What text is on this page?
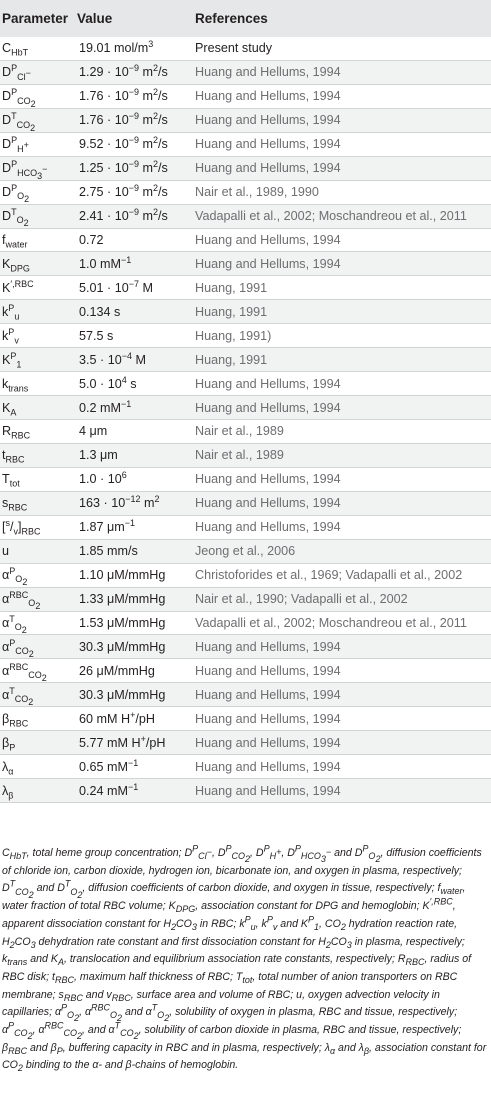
Parameter	Value	References
$C_{HbT}$	19.01 mol/$m^3$	Present study
$D^P_{Cl^-}$	$1.29 \cdot 10^{-9}$ $m^2/s$	Huang and Hellums, 1994
$D^P_{CO_2}$	$1.76 \cdot 10^{-9}$ $m^2/s$	Huang and Hellums, 1994
$D^T_{CO_2}$	$1.76 \cdot 10^{-9}$ $m^2/s$	Huang and Hellums, 1994
$D^P_{H^+}$	$9.52 \cdot 10^{-9}$ $m^2/s$	Huang and Hellums, 1994
$D^P_{HCO_3^-}$	$1.25 \cdot 10^{-9}$ $m^2/s$	Huang and Hellums, 1994
$D^P_{O_2}$	$2.75 \cdot 10^{-9}$ $m^2/s$	Nair et al., 1989, 1990
$D^T_{O_2}$	$2.41 \cdot 10^{-9}$ $m^2/s$	Vadapalli et al., 2002; Moschandreou et al., 2011
$f_{water}$	0.72	Huang and Hellums, 1994
$K_{DPG}$	1.0 $mM^{-1}$	Huang and Hellums, 1994
$K^{',RBC}$	$5.01 \cdot 10^{-7}$ M	Huang, 1991
$k^P_u$	0.134 s	Huang, 1991
$k^P_v$	57.5 s	Huang, 1991)
$K^P_1$	$3.5 \cdot 10^{-4}$ M	Huang, 1991
$k_{trans}$	$5.0 \cdot 10^4$ s	Huang and Hellums, 1994
$K_A$	0.2 $mM^{-1}$	Huang and Hellums, 1994
$R_{RBC}$	4 μm	Nair et al., 1989
$t_{RBC}$	1.3 μm	Nair et al., 1989
$T_{tot}$	$1.0 \cdot 10^6$	Huang and Hellums, 1994
$s_{RBC}$	$163 \cdot 10^{-12}$ $m^2$	Huang and Hellums, 1994
$[^s/_v]_{RBC}$	1.87 $\mu m^{-1}$	Huang and Hellums, 1994
u	1.85 mm/s	Jeong et al., 2006
$\alpha^P_{O_2}$	1.10 μM/mmHg	Christoforides et al., 1969; Vadapalli et al., 2002
$\alpha^{RBC}_{O_2}$	1.33 μM/mmHg	Nair et al., 1990; Vadapalli et al., 2002
$\alpha^T_{O_2}$	1.53 μM/mmHg	Vadapalli et al., 2002; Moschandreou et al., 2011
$\alpha^P_{CO_2}$	30.3 μM/mmHg	Huang and Hellums, 1994
$\alpha^{RBC}_{CO_2}$	26 μM/mmHg	Huang and Hellums, 1994
$\alpha^T_{CO_2}$	30.3 μM/mmHg	Huang and Hellums, 1994
$\beta_{RBC}$	60 mM H+/pH	Huang and Hellums, 1994
$\beta_P$	5.77 mM H+/pH	Huang and Hellums, 1994
$\lambda_\alpha$	0.65 $mM^{-1}$	Huang and Hellums, 1994
$\lambda_\beta$	0.24 $mM^{-1}$	Huang and Hellums, 1994
$C_{HbT}$, total heme group concentration; $D^P_{Cl^-}$, $D^P_{CO_2}$, $D^P_{H^+}$, $D^P_{HCO_3^-}$ and $D^P_{O_2}$, diffusion coefficients of chloride ion, carbon dioxide, hydrogen ion, bicarbonate ion, and oxygen in plasma, respectively; $D^T_{CO_2}$ and $D^T_{O_2}$, diffusion coefficients of carbon dioxide, and oxygen in tissue, respectively; $f_{water}$, water fraction of total RBC volume; $K_{DPG}$, association constant for DPG and hemoglobin; $K^{',RBC}$, apparent dissociation constant for $H_2CO_3$ in RBC; $k^P_u$, $k^P_v$ and $K^P_1$, $CO_2$ hydration reaction rate, $H_2CO_3$ dehydration rate constant and first dissociation constant for $H_2CO_3$ in plasma, respectively; $k_{trans}$ and $K_A$, translocation and equilibrium association rate constants, respectively; $R_{RBC}$, radius of RBC disk; $t_{RBC}$, maximum half thickness of RBC; $T_{tot}$, total number of anion transporters on RBC membrane; $s_{RBC}$ and $v_{RBC}$, surface area and volume of RBC; u, oxygen advection velocity in capillaries; $\alpha^P_{O_2}$, $\alpha^{RBC}_{O_2}$ and $\alpha^T_{O_2}$, solubility of oxygen in plasma, RBC and tissue, respectively; $\alpha^P_{CO_2}$, $\alpha^{RBC}_{CO_2}$, and $\alpha^T_{CO_2}$, solubility of carbon dioxide in plasma, RBC and tissue, respectively; $\beta_{RBC}$ and $\beta_P$, buffering capacity in RBC and in plasma, respectively; $\lambda_\alpha$ and $\lambda_\beta$, association constant for $CO_2$ binding to the α- and β-chains of hemoglobin.
